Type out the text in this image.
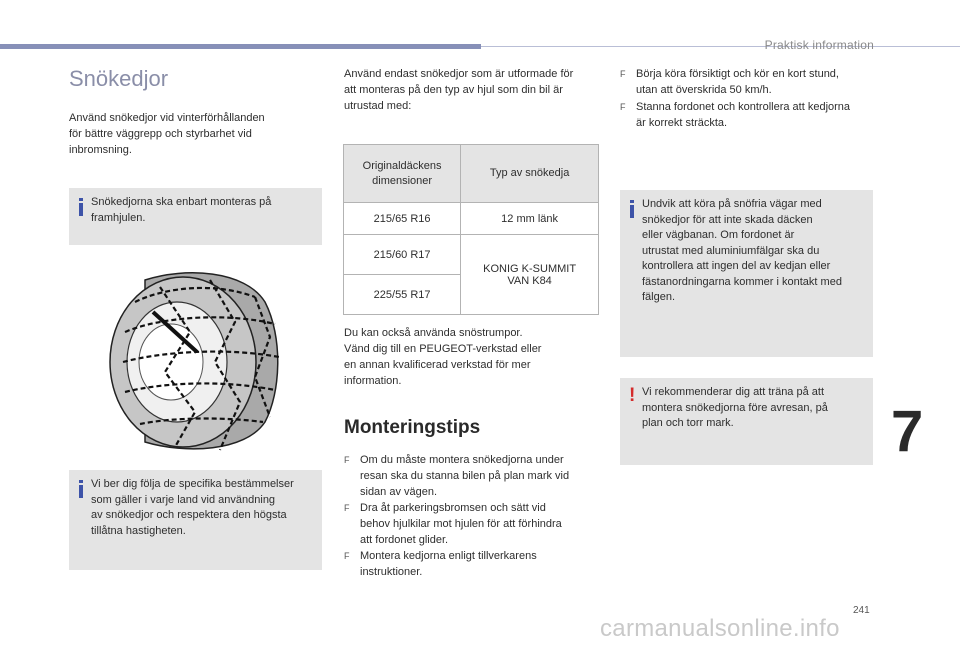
Praktisk information
Snökedjor
Använd snökedjor vid vinterförhållanden
för bättre väggrepp och styrbarhet vid
inbromsning.
Snökedjorna ska enbart monteras på
framhjulen.
Vi ber dig följa de specifika bestämmelser
som gäller i varje land vid användning
av snökedjor och respektera den högsta
tillåtna hastigheten.
Använd endast snökedjor som är utformade för
att monteras på den typ av hjul som din bil är
utrustad med:
Originaldäckens
dimensioner	Typ av snökedja
215/65 R16	12 mm länk
215/60 R17	KONIG K-SUMMIT
VAN K84

225/55 R17	
Du kan också använda snöstrumpor.
Vänd dig till en PEUGEOT-verkstad eller
en annan kvalificerad verkstad för mer
information.
Monteringstips
F Om du måste montera snökedjorna under
resan ska du stanna bilen på plan mark vid
sidan av vägen.
F Dra åt parkeringsbromsen och sätt vid
behov hjulkilar mot hjulen för att förhindra
att fordonet glider.
F Montera kedjorna enligt tillverkarens
instruktioner.
F Börja köra försiktigt och kör en kort stund,
utan att överskrida 50 km/h.
F Stanna fordonet och kontrollera att kedjorna
är korrekt sträckta.
Undvik att köra på snöfria vägar med
snökedjor för att inte skada däcken
eller vägbanan. Om fordonet är
utrustat med aluminiumfälgar ska du
kontrollera att ingen del av kedjan eller
fästanordningarna kommer i kontakt med
fälgen.
! Vi rekommenderar dig att träna på att
montera snökedjorna före avresan, på
plan och torr mark.	7
241
carmanualsonline.info
